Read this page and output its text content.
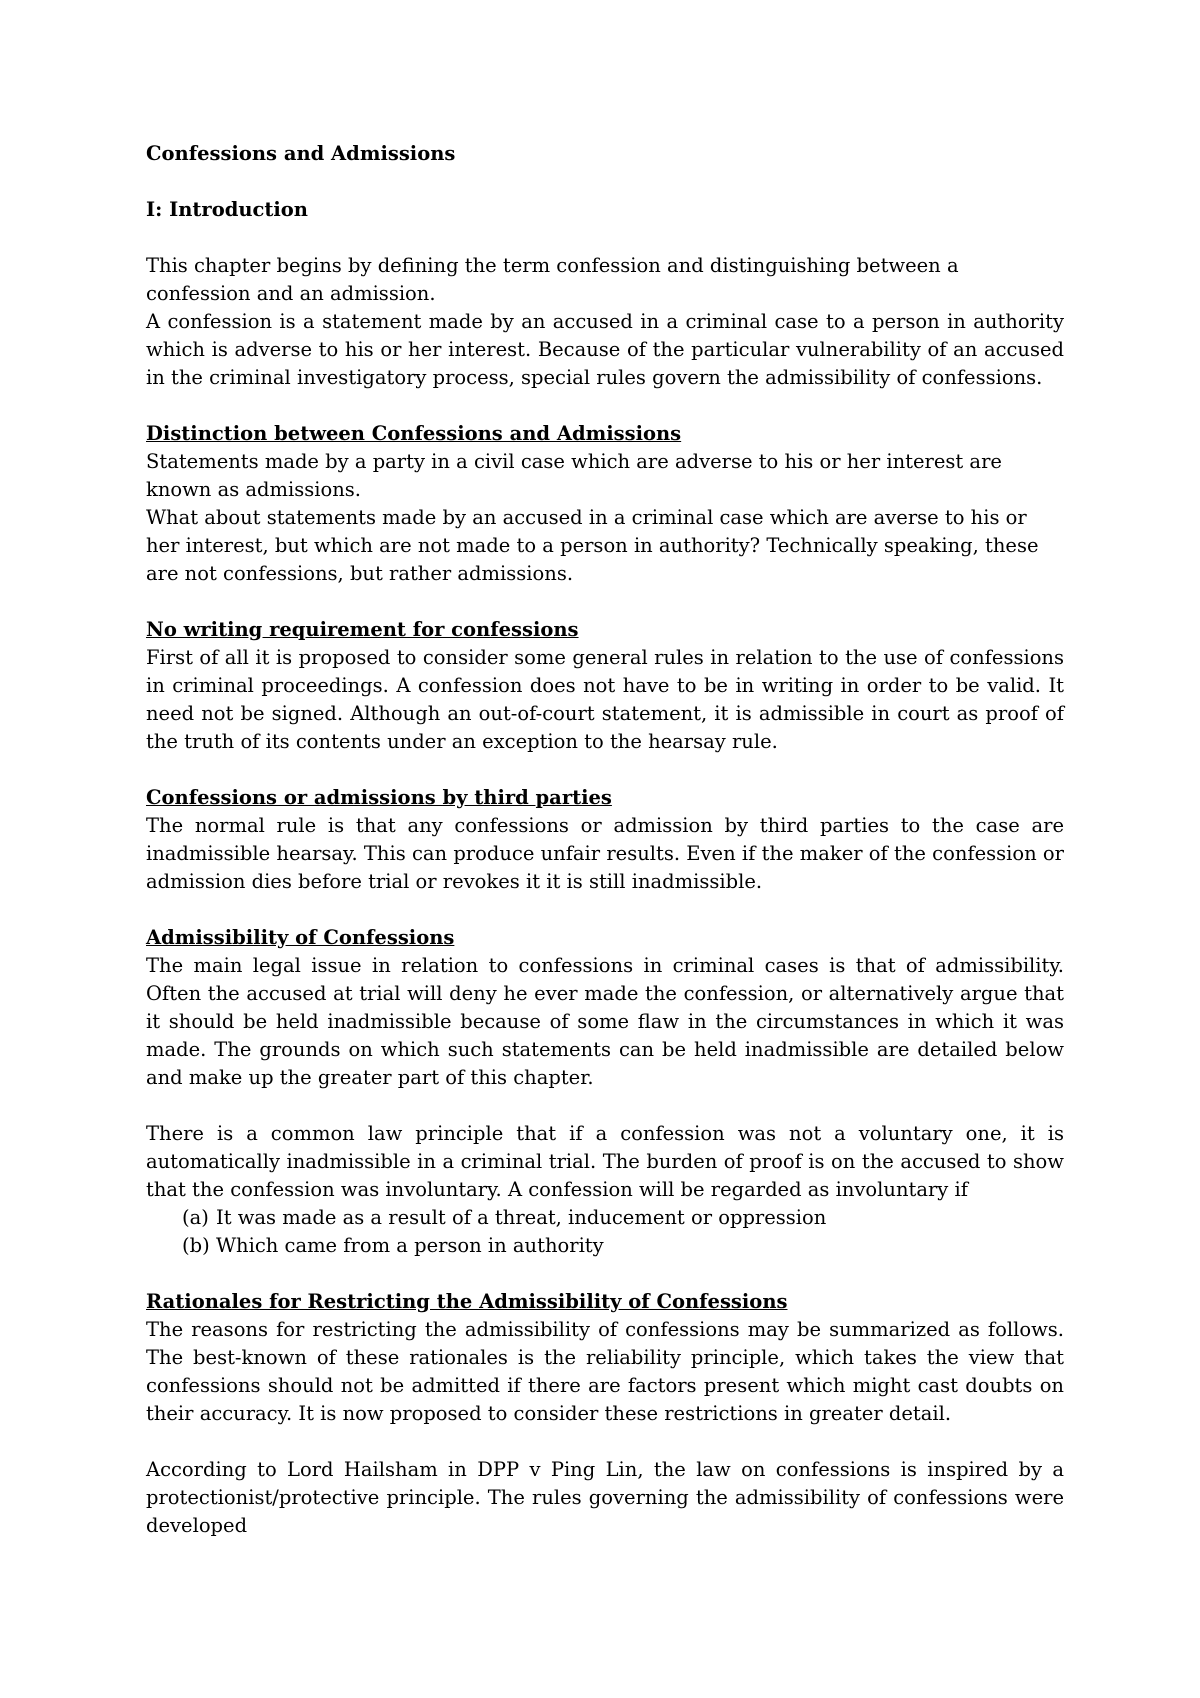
Confessions and Admissions

I: Introduction

This chapter begins by defining the term confession and distinguishing between a confession and an admission.

A confession is a statement made by an accused in a criminal case to a person in authority which is adverse to his or her interest. Because of the particular vulnerability of an accused in the criminal investigatory process, special rules govern the admissibility of confessions.

Distinction between Confessions and Admissions

Statements made by a party in a civil case which are adverse to his or her interest are known as admissions.

What about statements made by an accused in a criminal case which are averse to his or her interest, but which are not made to a person in authority? Technically speaking, these are not confessions, but rather admissions.

No writing requirement for confessions

First of all it is proposed to consider some general rules in relation to the use of confessions in criminal proceedings. A confession does not have to be in writing in order to be valid. It need not be signed. Although an out-of-court statement, it is admissible in court as proof of the truth of its contents under an exception to the hearsay rule.

Confessions or admissions by third parties

The normal rule is that any confessions or admission by third parties to the case are inadmissible hearsay. This can produce unfair results. Even if the maker of the confession or admission dies before trial or revokes it it is still inadmissible.

Admissibility of Confessions

The main legal issue in relation to confessions in criminal cases is that of admissibility. Often the accused at trial will deny he ever made the confession, or alternatively argue that it should be held inadmissible because of some flaw in the circumstances in which it was made. The grounds on which such statements can be held inadmissible are detailed below and make up the greater part of this chapter.

There is a common law principle that if a confession was not a voluntary one, it is automatically inadmissible in a criminal trial. The burden of proof is on the accused to show that the confession was involuntary. A confession will be regarded as involuntary if

(a) It was made as a result of a threat, inducement or oppression
(b) Which came from a person in authority

Rationales for Restricting the Admissibility of Confessions

The reasons for restricting the admissibility of confessions may be summarized as follows. The best-known of these rationales is the reliability principle, which takes the view that confessions should not be admitted if there are factors present which might cast doubts on their accuracy. It is now proposed to consider these restrictions in greater detail.

According to Lord Hailsham in DPP v Ping Lin, the law on confessions is inspired by a protectionist/protective principle. The rules governing the admissibility of confessions were developed
